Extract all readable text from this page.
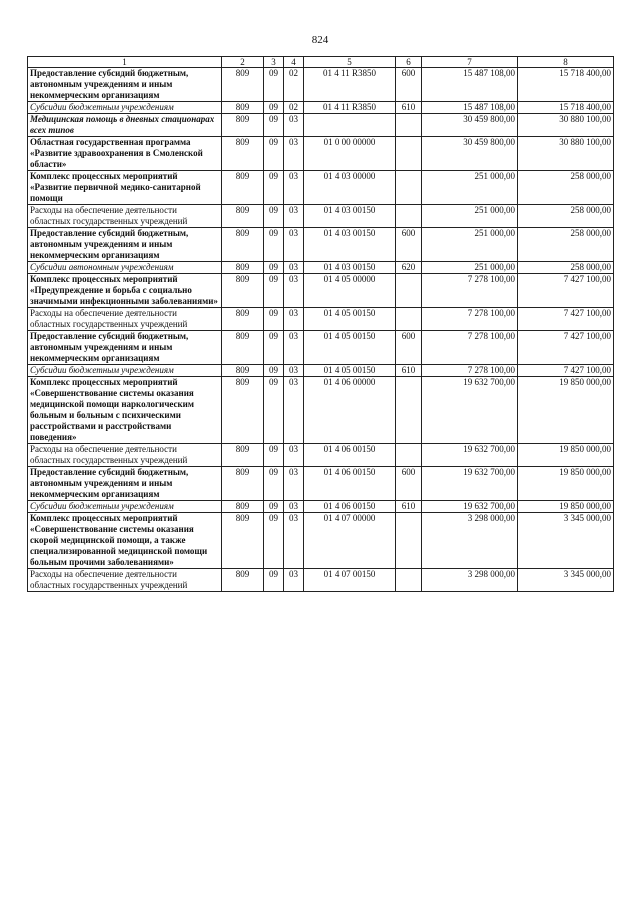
824
1	2	3	4	5	6	7	8
Предоставление субсидий бюджетным, автономным учреждениям и иным некоммерческим организациям	809	09	02	01 4 11 R3850	600	15 487 108,00	15 718 400,00
Субсидии бюджетным учреждениям	809	09	02	01 4 11 R3850	610	15 487 108,00	15 718 400,00
Медицинская помощь в дневных стационарах всех типов	809	09	03			30 459 800,00	30 880 100,00
Областная государственная программа «Развитие здравоохранения в Смоленской области»	809	09	03	01 0 00 00000		30 459 800,00	30 880 100,00
Комплекс процессных мероприятий «Развитие первичной медико-санитарной помощи	809	09	03	01 4 03 00000		251 000,00	258 000,00
Расходы на обеспечение деятельности областных государственных учреждений	809	09	03	01 4 03 00150		251 000,00	258 000,00
Предоставление субсидий бюджетным, автономным учреждениям и иным некоммерческим организациям	809	09	03	01 4 03 00150	600	251 000,00	258 000,00
Субсидии автономным учреждениям	809	09	03	01 4 03 00150	620	251 000,00	258 000,00
Комплекс процессных мероприятий «Предупреждение и борьба с социально значимыми инфекционными заболеваниями»	809	09	03	01 4 05 00000		7 278 100,00	7 427 100,00
Расходы на обеспечение деятельности областных государственных учреждений	809	09	03	01 4 05 00150		7 278 100,00	7 427 100,00
Предоставление субсидий бюджетным, автономным учреждениям и иным некоммерческим организациям	809	09	03	01 4 05 00150	600	7 278 100,00	7 427 100,00
Субсидии бюджетным учреждениям	809	09	03	01 4 05 00150	610	7 278 100,00	7 427 100,00
Комплекс процессных мероприятий «Совершенствование системы оказания медицинской помощи наркологическим больным и больным с психическими расстройствами и расстройствами поведения»	809	09	03	01 4 06 00000		19 632 700,00	19 850 000,00
Расходы на обеспечение деятельности областных государственных учреждений	809	09	03	01 4 06 00150		19 632 700,00	19 850 000,00
Предоставление субсидий бюджетным, автономным учреждениям и иным некоммерческим организациям	809	09	03	01 4 06 00150	600	19 632 700,00	19 850 000,00
Субсидии бюджетным учреждениям	809	09	03	01 4 06 00150	610	19 632 700,00	19 850 000,00
Комплекс процессных мероприятий «Совершенствование системы оказания скорой медицинской помощи, а также специализированной медицинской помощи больным прочими заболеваниями»	809	09	03	01 4 07 00000		3 298 000,00	3 345 000,00
Расходы на обеспечение деятельности областных государственных учреждений	809	09	03	01 4 07 00150		3 298 000,00	3 345 000,00
